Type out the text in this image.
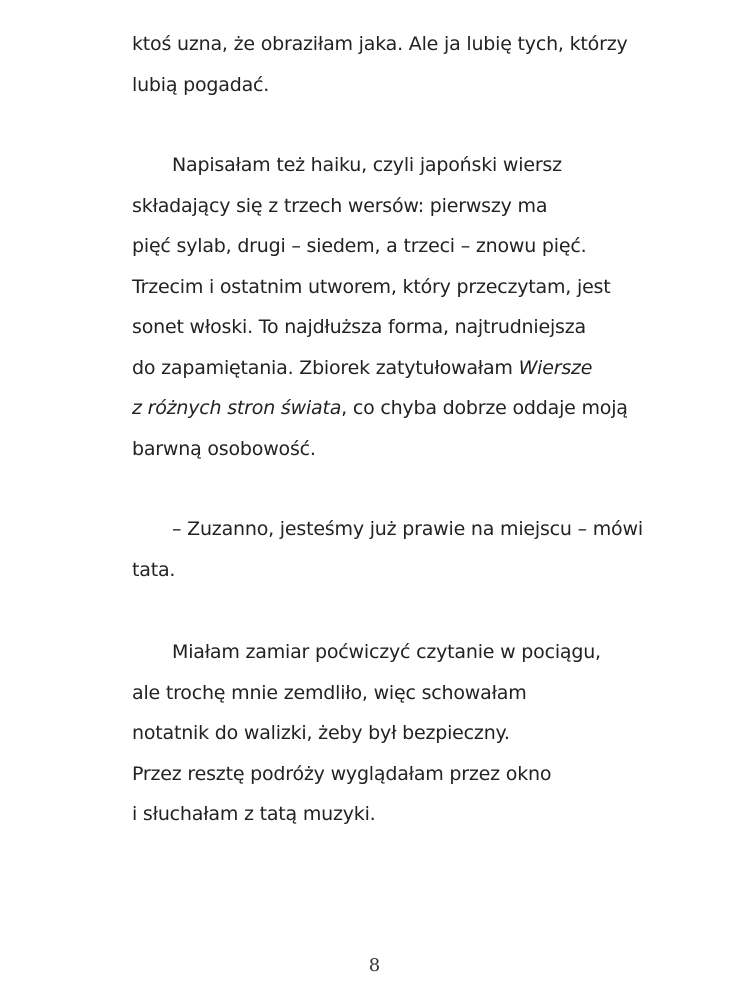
ktoś uzna, że obraziłam jaka. Ale ja lubię tych, którzy
lubią pogadać.
Napisałam też haiku, czyli japoński wiersz
składający się z trzech wersów: pierwszy ma
pięć sylab, drugi – siedem, a trzeci – znowu pięć.
Trzecim i ostatnim utworem, który przeczytam, jest
sonet włoski. To najdłuższa forma, najtrudniejsza
do zapamiętania. Zbiorek zatytułowałam Wiersze
z różnych stron świata, co chyba dobrze oddaje moją
barwną osobowość.
– Zuzanno, jesteśmy już prawie na miejscu – mówi
tata.
Miałam zamiar poćwiczyć czytanie w pociągu,
ale trochę mnie zemdliło, więc schowałam
notatnik do walizki, żeby był bezpieczny.
Przez resztę podróży wyglądałam przez okno
i słuchałam z tatą muzyki.
8
